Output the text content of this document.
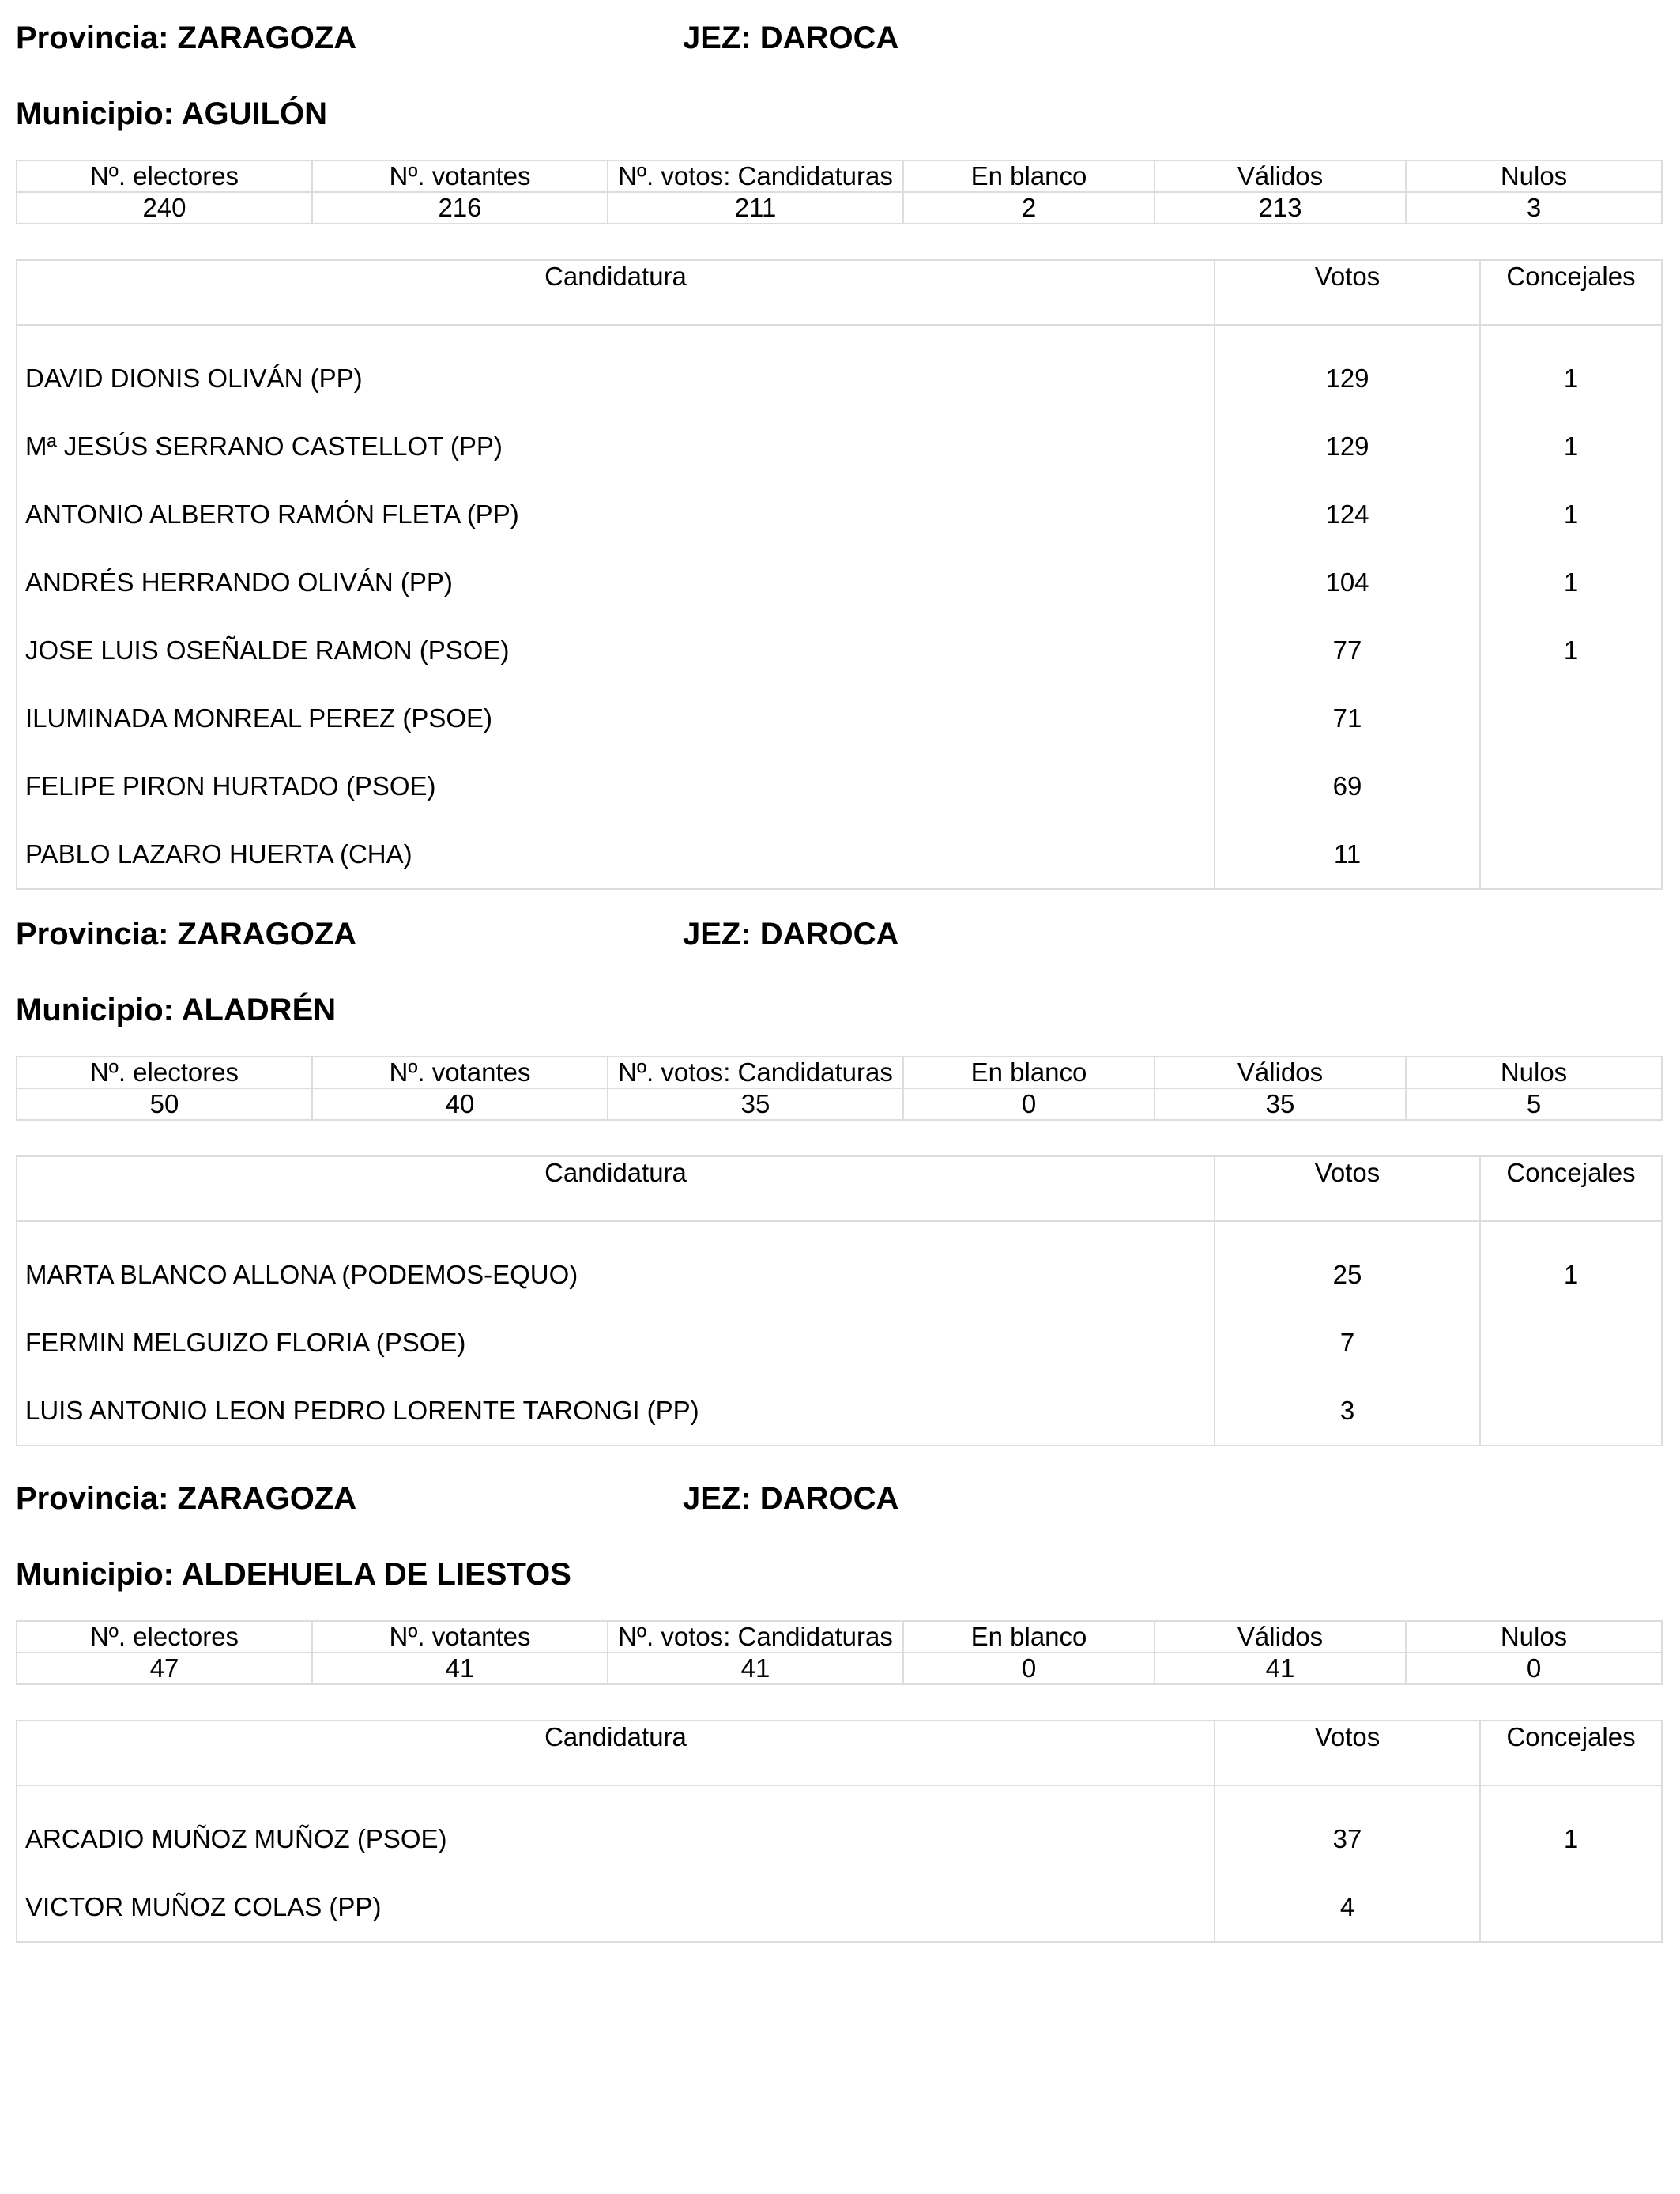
Provincia: ZARAGOZA	JEZ: DAROCA
Municipio: AGUILÓN
Nº. electores	Nº. votantes	Nº. votos: Candidaturas	En blanco	Válidos	Nulos
240	216	211	2	213	3
Candidatura	Votos	Concejales
DAVID DIONIS OLIVÁN (PP)	129	1
Mª JESÚS SERRANO CASTELLOT (PP)	129	1
ANTONIO ALBERTO RAMÓN FLETA (PP)	124	1
ANDRÉS HERRANDO OLIVÁN (PP)	104	1
JOSE LUIS OSEÑALDE RAMON (PSOE)	77	1
ILUMINADA MONREAL PEREZ (PSOE)	71	
FELIPE PIRON HURTADO (PSOE)	69	
PABLO LAZARO HUERTA (CHA)	11	
Provincia: ZARAGOZA	JEZ: DAROCA
Municipio: ALADRÉN
Nº. electores	Nº. votantes	Nº. votos: Candidaturas	En blanco	Válidos	Nulos
50	40	35	0	35	5
Candidatura	Votos	Concejales
MARTA BLANCO ALLONA (PODEMOS-EQUO)	25	1
FERMIN MELGUIZO FLORIA (PSOE)	7	
LUIS ANTONIO LEON PEDRO LORENTE TARONGI (PP)	3	
Provincia: ZARAGOZA	JEZ: DAROCA
Municipio: ALDEHUELA DE LIESTOS
Nº. electores	Nº. votantes	Nº. votos: Candidaturas	En blanco	Válidos	Nulos
47	41	41	0	41	0
Candidatura	Votos	Concejales
ARCADIO MUÑOZ MUÑOZ (PSOE)	37	1
VICTOR MUÑOZ COLAS (PP)	4	
